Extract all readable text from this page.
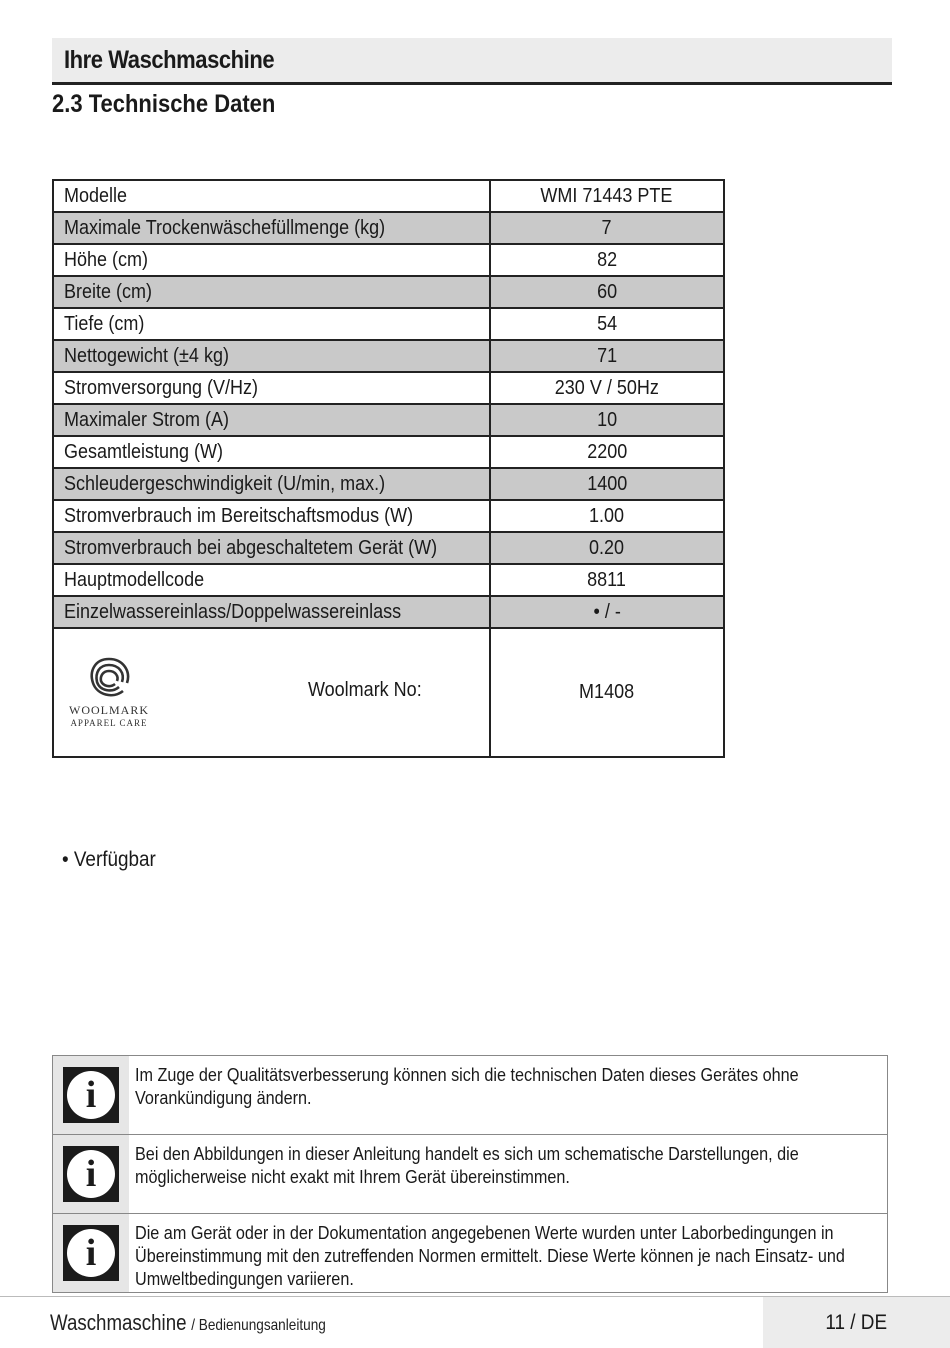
Ihre Waschmaschine
2.3 Technische Daten
Modelle	WMI 71443 PTE
Maximale Trockenwäschefüllmenge (kg)	7
Höhe (cm)	82
Breite (cm)	60
Tiefe (cm)	54
Nettogewicht (±4 kg)	71
Stromversorgung (V/Hz)	230 V / 50Hz
Maximaler Strom (A)	10
Gesamtleistung (W)	2200
Schleudergeschwindigkeit (U/min, max.)	1400
Stromverbrauch im Bereitschaftsmodus (W)	1.00
Stromverbrauch bei abgeschaltetem Gerät (W)	0.20
Hauptmodellcode	8811
Einzelwassereinlass/Doppelwassereinlass	• / -

WOOLMARK
APPAREL CARE
Woolmark No:	M1408
• Verfügbar
i	Im Zuge der Qualitätsverbesserung können sich die technischen Daten dieses Gerätes ohne Vorankündigung ändern.
i	Bei den Abbildungen in dieser Anleitung handelt es sich um schematische Darstellungen, die möglicherweise nicht exakt mit Ihrem Gerät übereinstimmen.
i	Die am Gerät oder in der Dokumentation angegebenen Werte wurden unter Laborbedingungen in Übereinstimmung mit den zutreffenden Normen ermittelt. Diese Werte können je nach Einsatz- und Umweltbedingungen variieren.
Waschmaschine / Bedienungsanleitung	11 / DE
